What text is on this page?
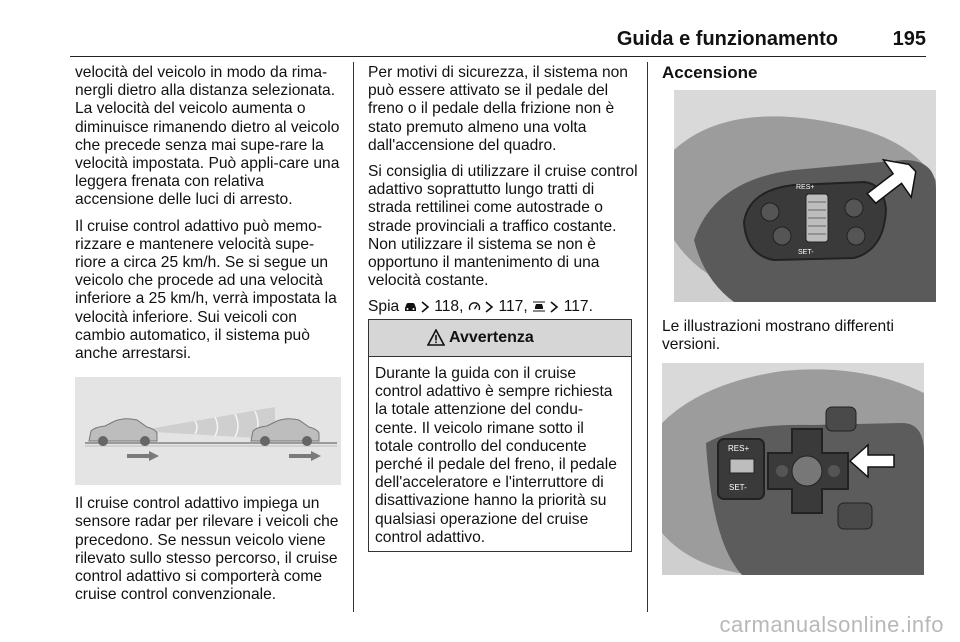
Guida e funzionamento	195

velocità del veicolo in modo da rima-nergli dietro alla distanza selezionata. La velocità del veicolo aumenta o diminuisce rimanendo dietro al veicolo che precede senza mai supe-rare la velocità impostata. Può appli-care una leggera frenata con relativa accensione delle luci di arresto.

Il cruise control adattivo può memo-rizzare e mantenere velocità supe-riore a circa 25 km/h. Se si segue un veicolo che procede ad una velocità inferiore a 25 km/h, verrà impostata la velocità inferiore. Sui veicoli con cambio automatico, il sistema può anche arrestarsi.

Il cruise control adattivo impiega un sensore radar per rilevare i veicoli che precedono. Se nessun veicolo viene rilevato sullo stesso percorso, il cruise control adattivo si comporterà come cruise control convenzionale.

Per motivi di sicurezza, il sistema non può essere attivato se il pedale del freno o il pedale della frizione non è stato premuto almeno una volta dall'accensione del quadro.

Si consiglia di utilizzare il cruise control adattivo soprattutto lungo tratti di strada rettilinei come autostrade o strade provinciali a traffico costante. Non utilizzare il sistema se non è opportuno il mantenimento di una velocità costante.

Spia 118, 117, 117.

Avvertenza
Durante la guida con il cruise control adattivo è sempre richiesta la totale attenzione del condu-cente. Il veicolo rimane sotto il totale controllo del conducente perché il pedale del freno, il pedale dell'acceleratore e l'interruttore di disattivazione hanno la priorità su qualsiasi operazione del cruise control adattivo.
Accensione
RES+
SET-

Le illustrazioni mostrano differenti versioni.

RES+
SET-
carmanualsonline.info
